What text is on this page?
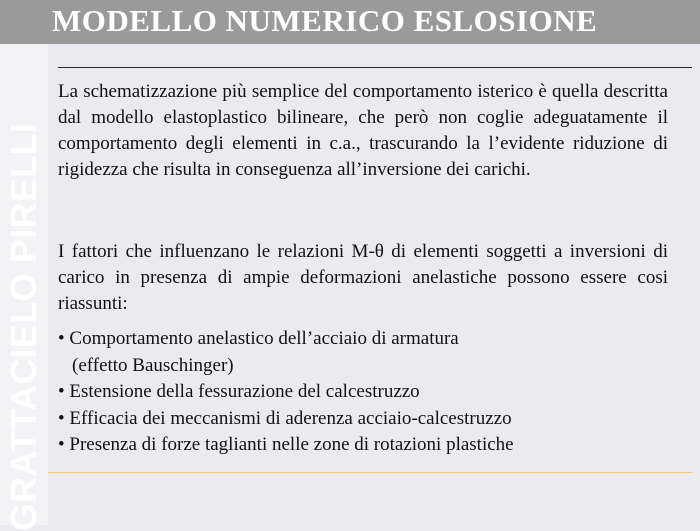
MODELLO NUMERICO ESLOSIONE
GRATTACIELO PIRELLI

La schematizzazione più semplice del comportamento isterico è quella descritta dal modello elastoplastico bilineare, che però non coglie adeguatamente il comportamento degli elementi in c.a., trascurando la l’evidente riduzione di rigidezza che risulta in conseguenza all’inversione dei carichi.

I fattori che influenzano le relazioni M-θ di elementi soggetti a inversioni di carico in presenza di ampie deformazioni anelastiche possono essere cosi riassunti:

• Comportamento anelastico dell’acciaio di armatura
(effetto Bauschinger)
• Estensione della fessurazione del calcestruzzo
• Efficacia dei meccanismi di aderenza acciaio-calcestruzzo
• Presenza di forze taglianti nelle zone di rotazioni plastiche
